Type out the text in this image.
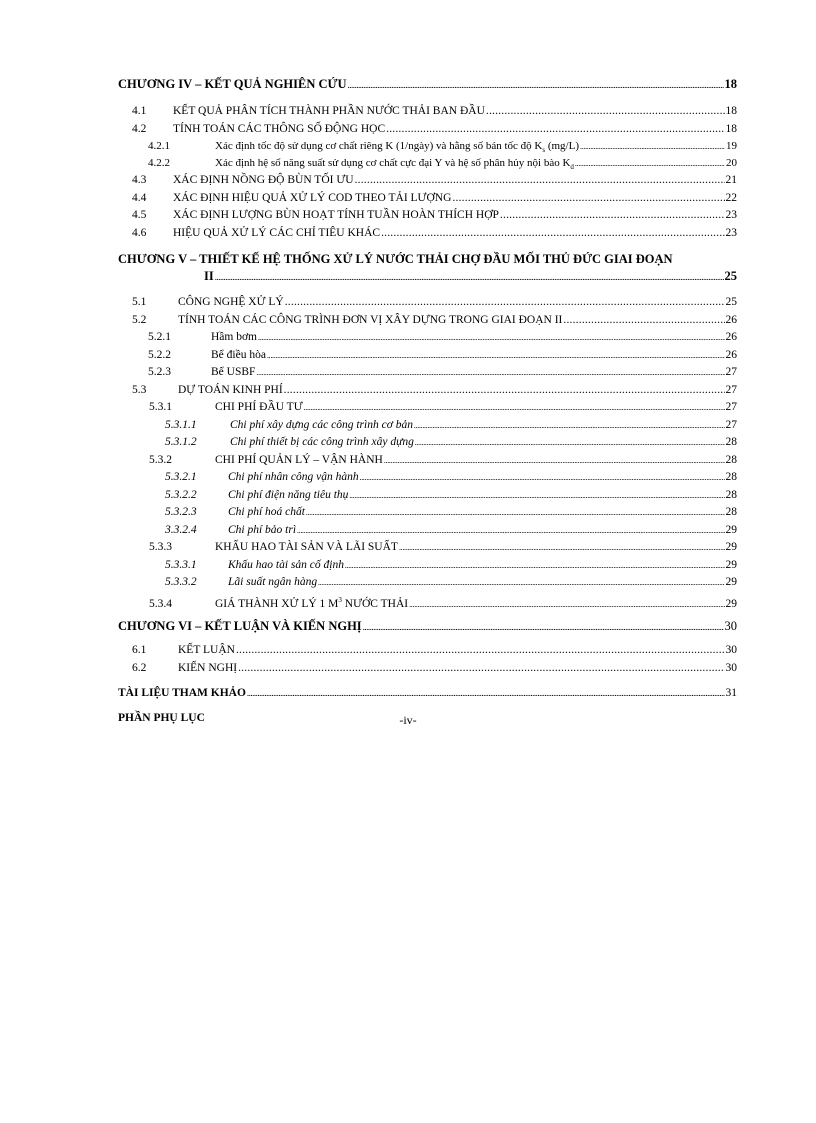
CHƯƠNG IV – KẾT QUẢ NGHIÊN CỨU .....	18
4.1	KẾT QUẢ PHÂN TÍCH THÀNH PHẦN NƯỚC THẢI BAN ĐẦU .....	18
4.2	TÍNH TOÁN CÁC THÔNG SỐ ĐỘNG HỌC .....	18
4.2.1	Xác định tốc độ sử dụng cơ chất riêng K (1/ngày) và hằng số bán tốc độ $K_s$ (mg/L) .....	19
4.2.2	Xác định hệ số năng suất sử dụng cơ chất cực đại Y và hệ số phân hủy nội bào $K_d$ .....	20
4.3	XÁC ĐỊNH NỒNG ĐỘ BÙN TỐI ƯU .....	21
4.4	XÁC ĐỊNH HIỆU QUẢ XỬ LÝ COD THEO TẢI LƯỢNG .....	22
4.5	XÁC ĐỊNH LƯỢNG BÙN HOẠT TÍNH TUẦN HOÀN THÍCH HỢP .....	23
4.6	HIỆU QUẢ XỬ LÝ CÁC CHỈ TIÊU KHÁC .....	23
CHƯƠNG V – THIẾT KẾ HỆ THỐNG XỬ LÝ NƯỚC THẢI CHỢ ĐẦU MỐI THỦ ĐỨC GIAI ĐOẠN
II .....	25
5.1	CÔNG NGHỆ XỬ LÝ .....	25
5.2	TÍNH TOÁN CÁC CÔNG TRÌNH ĐƠN VỊ XÂY DỰNG TRONG GIAI ĐOẠN II .....	26
5.2.1	Hầm bơm .....	26
5.2.2	Bể điều hòa .....	26
5.2.3	Bể USBF .....	27
5.3	DỰ TOÁN KINH PHÍ .....	27
5.3.1	CHI PHÍ ĐẦU TƯ .....	27
5.3.1.1	Chi phí xây dựng các công trình cơ bản .....	27
5.3.1.2	Chi phí thiết bị các công trình xây dựng .....	28
5.3.2	CHI PHÍ QUẢN LÝ – VẬN HÀNH .....	28
5.3.2.1	Chi phí nhân công vận hành .....	28
5.3.2.2	Chi phí điện năng tiêu thụ .....	28
5.3.2.3	Chi phí hoá chất .....	28
3.3.2.4	Chi phí bảo trì .....	29
5.3.3	KHẤU HAO TÀI SẢN VÀ LÃI SUẤT .....	29
5.3.3.1	Khấu hao tài sản cố định .....	29
5.3.3.2	Lãi suất ngân hàng .....	29
5.3.4	GIÁ THÀNH XỬ LÝ 1 $M^3$ NƯỚC THẢI .....	29
CHƯƠNG VI – KẾT LUẬN VÀ KIẾN NGHỊ .....	30
6.1	KẾT LUẬN .....	30
6.2	KIẾN NGHỊ .....	30
TÀI LIỆU THAM KHẢO .....	31
PHẦN PHỤ LỤC	-iv-
